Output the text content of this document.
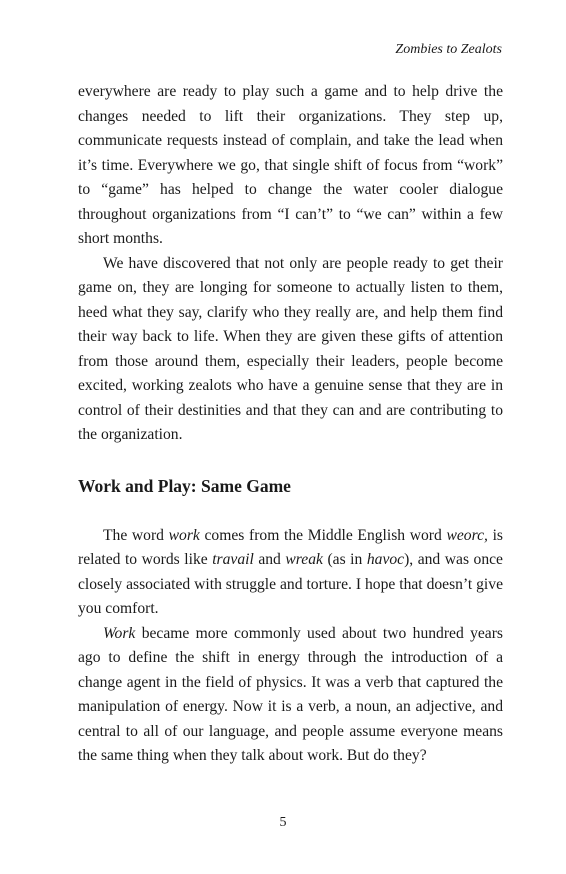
Zombies to Zealots

everywhere are ready to play such a game and to help drive the changes needed to lift their organizations. They step up, communicate requests instead of complain, and take the lead when it’s time. Everywhere we go, that single shift of focus from “work” to “game” has helped to change the water cooler dialogue throughout organizations from “I can’t” to “we can” within a few short months.

We have discovered that not only are people ready to get their game on, they are longing for someone to actually listen to them, heed what they say, clarify who they really are, and help them find their way back to life. When they are given these gifts of attention from those around them, especially their leaders, people become excited, working zealots who have a genuine sense that they are in control of their destinities and that they can and are contributing to the organization.

Work and Play: Same Game

The word work comes from the Middle English word weorc, is related to words like travail and wreak (as in havoc), and was once closely associated with struggle and torture. I hope that doesn’t give you comfort.

Work became more commonly used about two hundred years ago to define the shift in energy through the introduction of a change agent in the field of physics. It was a verb that captured the manipulation of energy. Now it is a verb, a noun, an adjective, and central to all of our language, and people assume everyone means the same thing when they talk about work. But do they?

5
